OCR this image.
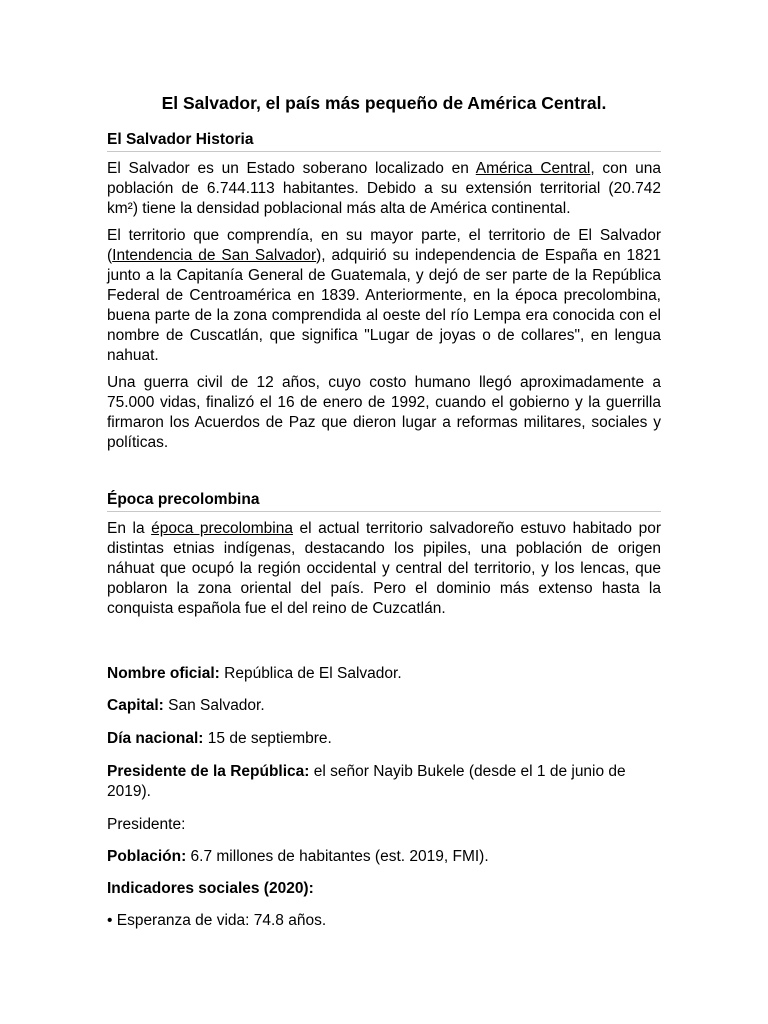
El Salvador, el país más pequeño de América Central.
El Salvador Historia

El Salvador es un Estado soberano localizado en América Central, con una población de 6.744.113 habitantes. Debido a su extensión territorial (20.742 km²) tiene la densidad poblacional más alta de América continental.

El territorio que comprendía, en su mayor parte, el territorio de El Salvador (Intendencia de San Salvador), adquirió su independencia de España en 1821 junto a la Capitanía General de Guatemala, y dejó de ser parte de la República Federal de Centroamérica en 1839. Anteriormente, en la época precolombina, buena parte de la zona comprendida al oeste del río Lempa era conocida con el nombre de Cuscatlán, que significa "Lugar de joyas o de collares", en lengua nahuat.

Una guerra civil de 12 años, cuyo costo humano llegó aproximadamente a 75.000 vidas, finalizó el 16 de enero de 1992, cuando el gobierno y la guerrilla firmaron los Acuerdos de Paz que dieron lugar a reformas militares, sociales y políticas.

Época precolombina

En la época precolombina el actual territorio salvadoreño estuvo habitado por distintas etnias indígenas, destacando los pipiles, una población de origen náhuat que ocupó la región occidental y central del territorio, y los lencas, que poblaron la zona oriental del país. Pero el dominio más extenso hasta la conquista española fue el del reino de Cuzcatlán.

Nombre oficial: República de El Salvador.
Capital: San Salvador.
Día nacional: 15 de septiembre.
Presidente de la República: el señor Nayib Bukele (desde el 1 de junio de 2019).
Presidente:
Población: 6.7 millones de habitantes (est. 2019, FMI).
Indicadores sociales (2020):
• Esperanza de vida: 74.8 años.
